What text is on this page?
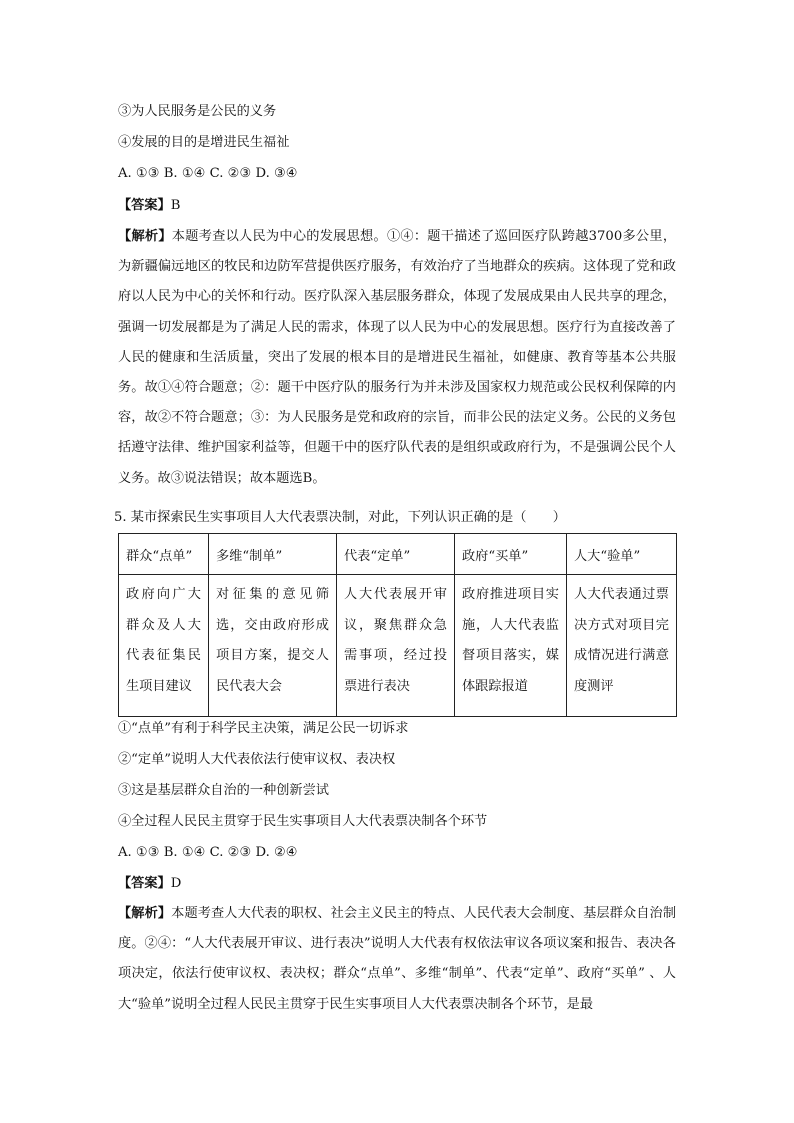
③为人民服务是公民的义务
④发展的目的是增进民生福祉
A. ①③ B. ①④ C. ②③ D. ③④
【答案】B
【解析】本题考查以人民为中心的发展思想。①④：题干描述了巡回医疗队跨越3700多公里，为新疆偏远地区的牧民和边防军营提供医疗服务，有效治疗了当地群众的疾病。这体现了党和政府以人民为中心的关怀和行动。医疗队深入基层服务群众，体现了发展成果由人民共享的理念，强调一切发展都是为了满足人民的需求，体现了以人民为中心的发展思想。医疗行为直接改善了人民的健康和生活质量，突出了发展的根本目的是增进民生福祉，如健康、教育等基本公共服务。故①④符合题意；②：题干中医疗队的服务行为并未涉及国家权力规范或公民权利保障的内容，故②不符合题意；③：为人民服务是党和政府的宗旨，而非公民的法定义务。公民的义务包括遵守法律、维护国家利益等，但题干中的医疗队代表的是组织或政府行为，不是强调公民个人义务。故③说法错误；故本题选B。
5. 某市探索民生实事项目人大代表票决制，对此，下列认识正确的是（　　）
群众“点单”	多维“制单”	代表“定单”	政府“买单”	人大“验单”
政府向广大群众及人大代表征集民生项目建议	对征集的意见筛选，交由政府形成项目方案，提交人民代表大会	人大代表展开审议，聚焦群众急需事项，经过投票进行表决	政府推进项目实施，人大代表监督项目落实，媒体跟踪报道	人大代表通过票决方式对项目完成情况进行满意度测评
①“点单”有利于科学民主决策，满足公民一切诉求
②“定单”说明人大代表依法行使审议权、表决权
③这是基层群众自治的一种创新尝试
④全过程人民民主贯穿于民生实事项目人大代表票决制各个环节
A. ①③ B. ①④ C. ②③ D. ②④
【答案】D
【解析】本题考查人大代表的职权、社会主义民主的特点、人民代表大会制度、基层群众自治制度。②④：“人大代表展开审议、进行表决”说明人大代表有权依法审议各项议案和报告、表决各项决定，依法行使审议权、表决权；群众“点单”、多维“制单”、代表“定单”、政府“买单” 、人大“验单”说明全过程人民民主贯穿于民生实事项目人大代表票决制各个环节，是最
